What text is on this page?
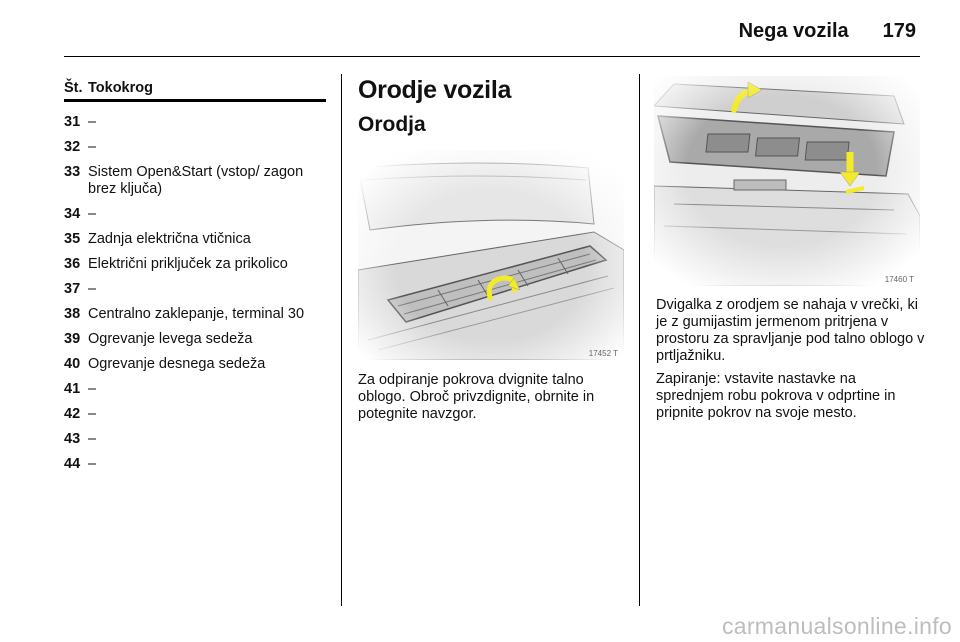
Nega vozila 179
Št. Tokokrog
31 –
32 –
33 Sistem Open&Start (vstop/ zagon brez ključa)
34 –
35 Zadnja električna vtičnica
36 Električni priključek za prikolico
37 –
38 Centralno zaklepanje, terminal 30
39 Ogrevanje levega sedeža
40 Ogrevanje desnega sedeža
41 –
42 –
43 –
44 –
Orodje vozila
Orodja
17452 T

Za odpiranje pokrova dvignite talno oblogo. Obroč privzdignite, obrnite in potegnite navzgor.

17460 T

Dvigalka z orodjem se nahaja v vrečki, ki je z gumijastim jermenom pritrjena v prostoru za spravljanje pod talno oblogo v prtljažniku.

Zapiranje: vstavite nastavke na sprednjem robu pokrova v odprtine in pripnite pokrov na svoje mesto.

carmanualsonline.info
